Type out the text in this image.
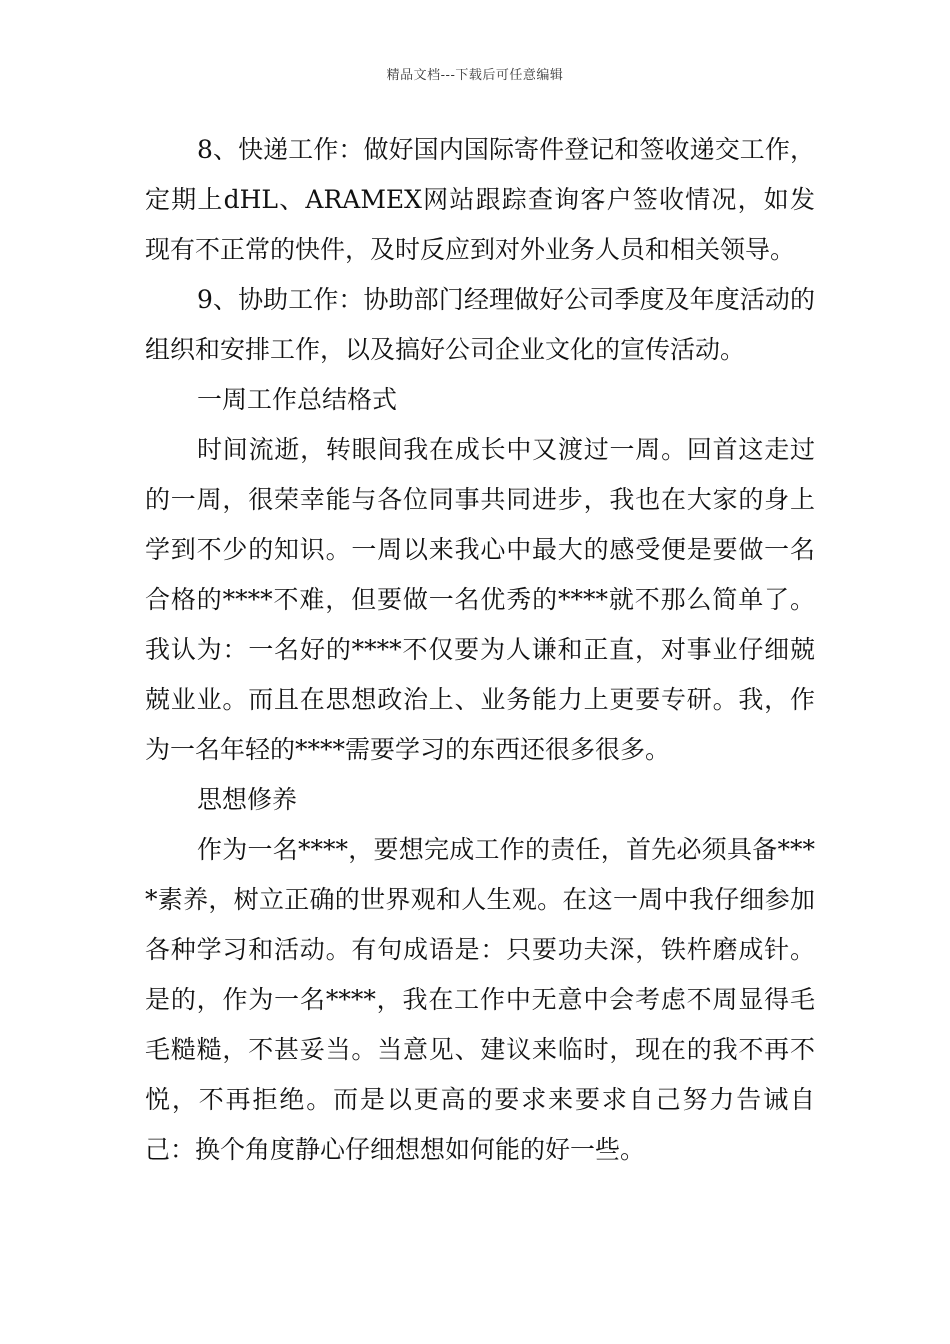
精品文档---下载后可任意编辑

8、快递工作：做好国内国际寄件登记和签收递交工作，定期上dHL、ARAMEX网站跟踪查询客户签收情况，如发现有不正常的快件，及时反应到对外业务人员和相关领导。

9、协助工作：协助部门经理做好公司季度及年度活动的组织和安排工作，以及搞好公司企业文化的宣传活动。

一周工作总结格式

时间流逝，转眼间我在成长中又渡过一周。回首这走过的一周，很荣幸能与各位同事共同进步，我也在大家的身上学到不少的知识。一周以来我心中最大的感受便是要做一名合格的****不难，但要做一名优秀的****就不那么简单了。我认为：一名好的****不仅要为人谦和正直，对事业仔细兢兢业业。而且在思想政治上、业务能力上更要专研。我，作为一名年轻的****需要学习的东西还很多很多。

思想修养

作为一名****，要想完成工作的责任，首先必须具备****素养，树立正确的世界观和人生观。在这一周中我仔细参加各种学习和活动。有句成语是：只要功夫深，铁杵磨成针。是的，作为一名****，我在工作中无意中会考虑不周显得毛毛糙糙，不甚妥当。当意见、建议来临时，现在的我不再不悦，不再拒绝。而是以更高的要求来要求自己努力告诫自己：换个角度静心仔细想想如何能的好一些。
